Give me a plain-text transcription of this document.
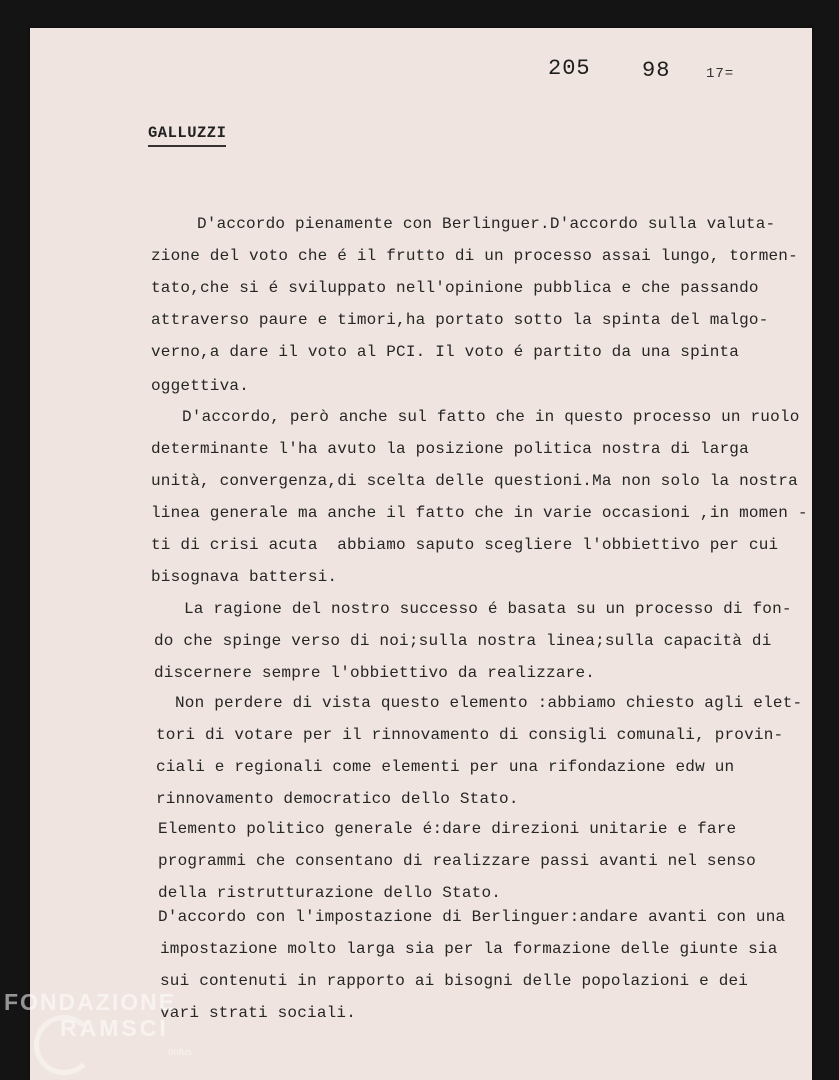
205 98	17=
GALLUZZI
D'accordo pienamente con Berlinguer.D'accordo sulla valuta-
zione del voto che é il frutto di un processo assai lungo, tormen-
tato,che si é sviluppato nell'opinione pubblica e che passando
attraverso paure e timori,ha portato sotto la spinta del malgo-
verno,a dare il voto al PCI. Il voto é partito da una spinta
oggettiva.
D'accordo, però anche sul fatto che in questo processo un ruolo
determinante l'ha avuto la posizione politica nostra di larga
unità, convergenza,di scelta delle questioni.Ma non solo la nostra
linea generale ma anche il fatto che in varie occasioni ,in momen -
ti di crisi acuta  abbiamo saputo scegliere l'obbiettivo per cui
bisognava battersi.
La ragione del nostro successo é basata su un processo di fon-
do che spinge verso di noi;sulla nostra linea;sulla capacità di
discernere sempre l'obbiettivo da realizzare.
Non perdere di vista questo elemento :abbiamo chiesto agli elet-
tori di votare per il rinnovamento di consigli comunali, provin-
ciali e regionali come elementi per una rifondazione edw un
rinnovamento democratico dello Stato.
Elemento politico generale é:dare direzioni unitarie e fare
programmi che consentano di realizzare passi avanti nel senso
della ristrutturazione dello Stato.
D'accordo con l'impostazione di Berlinguer:andare avanti con una
impostazione molto larga sia per la formazione delle giunte sia
sui contenuti in rapporto ai bisogni delle popolazioni e dei
vari strati sociali.
FONDAZIONE
RAMSCI
onlus
